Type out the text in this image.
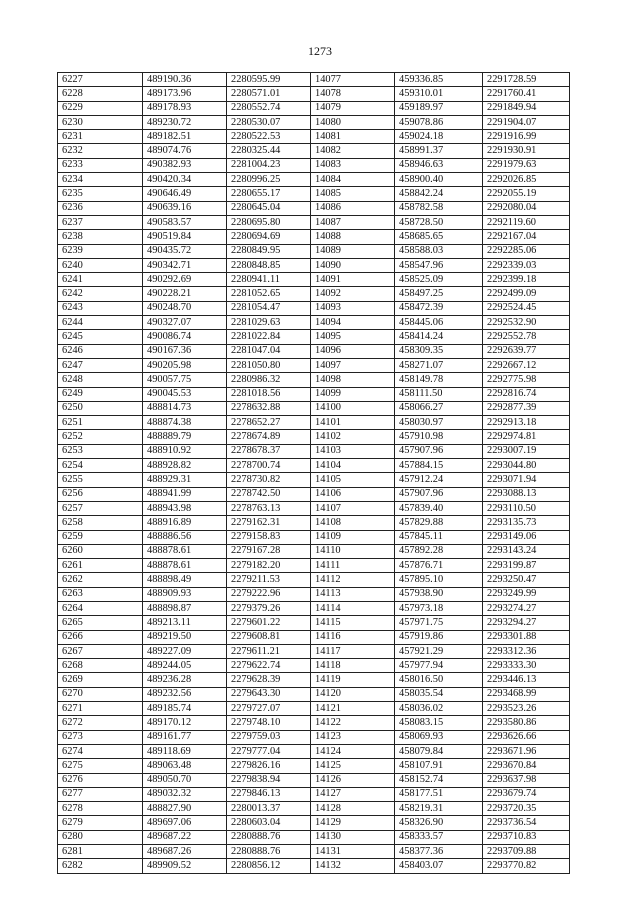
1273
6227	489190.36	2280595.99	14077	459336.85	2291728.59
6228	489173.96	2280571.01	14078	459310.01	2291760.41
6229	489178.93	2280552.74	14079	459189.97	2291849.94
6230	489230.72	2280530.07	14080	459078.86	2291904.07
6231	489182.51	2280522.53	14081	459024.18	2291916.99
6232	489074.76	2280325.44	14082	458991.37	2291930.91
6233	490382.93	2281004.23	14083	458946.63	2291979.63
6234	490420.34	2280996.25	14084	458900.40	2292026.85
6235	490646.49	2280655.17	14085	458842.24	2292055.19
6236	490639.16	2280645.04	14086	458782.58	2292080.04
6237	490583.57	2280695.80	14087	458728.50	2292119.60
6238	490519.84	2280694.69	14088	458685.65	2292167.04
6239	490435.72	2280849.95	14089	458588.03	2292285.06
6240	490342.71	2280848.85	14090	458547.96	2292339.03
6241	490292.69	2280941.11	14091	458525.09	2292399.18
6242	490228.21	2281052.65	14092	458497.25	2292499.09
6243	490248.70	2281054.47	14093	458472.39	2292524.45
6244	490327.07	2281029.63	14094	458445.06	2292532.90
6245	490086.74	2281022.84	14095	458414.24	2292552.78
6246	490167.36	2281047.04	14096	458309.35	2292639.77
6247	490205.98	2281050.80	14097	458271.07	2292667.12
6248	490057.75	2280986.32	14098	458149.78	2292775.98
6249	490045.53	2281018.56	14099	458111.50	2292816.74
6250	488814.73	2278632.88	14100	458066.27	2292877.39
6251	488874.38	2278652.27	14101	458030.97	2292913.18
6252	488889.79	2278674.89	14102	457910.98	2292974.81
6253	488910.92	2278678.37	14103	457907.96	2293007.19
6254	488928.82	2278700.74	14104	457884.15	2293044.80
6255	488929.31	2278730.82	14105	457912.24	2293071.94
6256	488941.99	2278742.50	14106	457907.96	2293088.13
6257	488943.98	2278763.13	14107	457839.40	2293110.50
6258	488916.89	2279162.31	14108	457829.88	2293135.73
6259	488886.56	2279158.83	14109	457845.11	2293149.06
6260	488878.61	2279167.28	14110	457892.28	2293143.24
6261	488878.61	2279182.20	14111	457876.71	2293199.87
6262	488898.49	2279211.53	14112	457895.10	2293250.47
6263	488909.93	2279222.96	14113	457938.90	2293249.99
6264	488898.87	2279379.26	14114	457973.18	2293274.27
6265	489213.11	2279601.22	14115	457971.75	2293294.27
6266	489219.50	2279608.81	14116	457919.86	2293301.88
6267	489227.09	2279611.21	14117	457921.29	2293312.36
6268	489244.05	2279622.74	14118	457977.94	2293333.30
6269	489236.28	2279628.39	14119	458016.50	2293446.13
6270	489232.56	2279643.30	14120	458035.54	2293468.99
6271	489185.74	2279727.07	14121	458036.02	2293523.26
6272	489170.12	2279748.10	14122	458083.15	2293580.86
6273	489161.77	2279759.03	14123	458069.93	2293626.66
6274	489118.69	2279777.04	14124	458079.84	2293671.96
6275	489063.48	2279826.16	14125	458107.91	2293670.84
6276	489050.70	2279838.94	14126	458152.74	2293637.98
6277	489032.32	2279846.13	14127	458177.51	2293679.74
6278	488827.90	2280013.37	14128	458219.31	2293720.35
6279	489697.06	2280603.04	14129	458326.90	2293736.54
6280	489687.22	2280888.76	14130	458333.57	2293710.83
6281	489687.26	2280888.76	14131	458377.36	2293709.88
6282	489909.52	2280856.12	14132	458403.07	2293770.82
